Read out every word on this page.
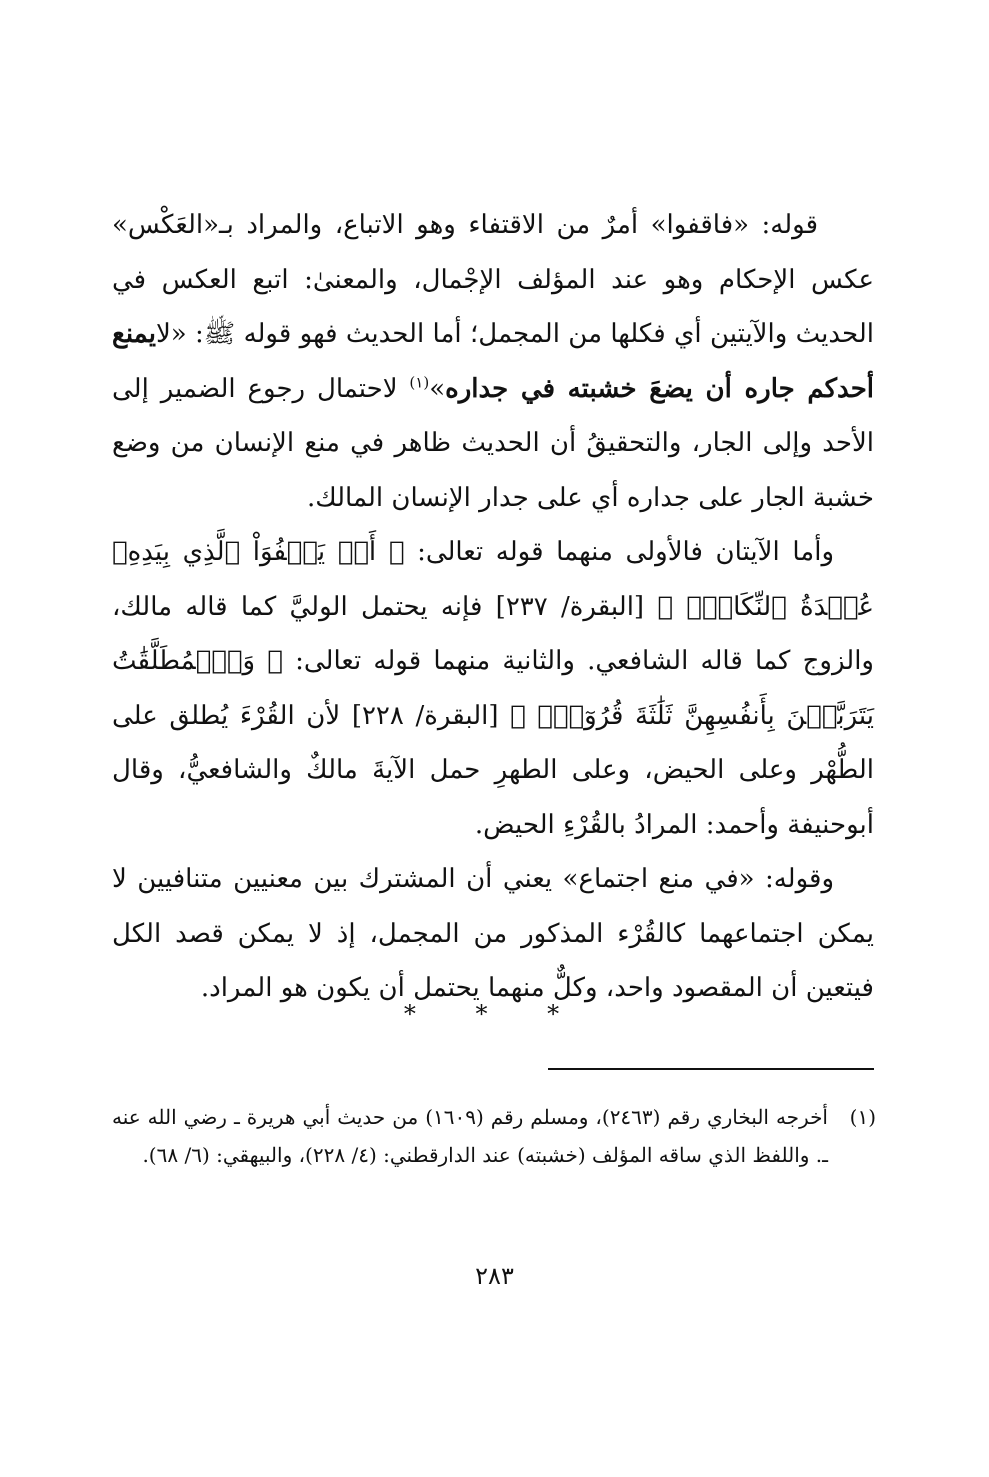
قوله: «فاقفوا» أمرٌ من الاقتفاء وهو الاتباع، والمراد بـ«العَكْس» عكس الإحكام وهو عند المؤلف الإجْمال، والمعنىٰ: اتبع العكس في الحديث والآيتين أي فكلها من المجمل؛ أما الحديث فهو قوله ﷺ: «لايمنع أحدكم جاره أن يضعَ خشبته في جداره»$^{(١)}$ لاحتمال رجوع الضمير إلى الأحد وإلى الجار، والتحقيقُ أن الحديث ظاهر في منع الإنسان من وضع خشبة الجار على جداره أي على جدار الإنسان المالك.

وأما الآيتان فالأولى منهما قوله تعالى: ﴿ أَوۡ يَعۡفُوَاْ ٱلَّذِي بِيَدِهِۦ عُقۡدَةُ ٱلنِّكَاحِۚ ﴾ [البقرة/ ٢٣٧] فإنه يحتمل الوليَّ كما قاله مالك، والزوج كما قاله الشافعي. والثانية منهما قوله تعالى: ﴿ وَٱلۡمُطَلَّقَٰتُ يَتَرَبَّصۡنَ بِأَنفُسِهِنَّ ثَلَٰثَةَ قُرُوٓءٖۚ ﴾ [البقرة/ ٢٢٨] لأن القُرْءَ يُطلق على الطُّهْر وعلى الحيض، وعلى الطهرِ حمل الآيةَ مالكٌ والشافعيُّ، وقال أبوحنيفة وأحمد: المرادُ بالقُرْءِ الحيض.

وقوله: «في منع اجتماع» يعني أن المشترك بين معنيين متنافيين لا يمكن اجتماعهما كالقُرْء المذكور من المجمل، إذ لا يمكن قصد الكل فيتعين أن المقصود واحد، وكلٌّ منهما يحتمل أن يكون هو المراد.

* * *
(١)
أخرجه البخاري رقم (٢٤٦٣)، ومسلم رقم (١٦٠٩) من حديث أبي هريرة ـ رضي الله عنه ـ. واللفظ الذي ساقه المؤلف (خشبته) عند الدارقطني: (٤/ ٢٢٨)، والبيهقي: (٦/ ٦٨).
٢٨٣
